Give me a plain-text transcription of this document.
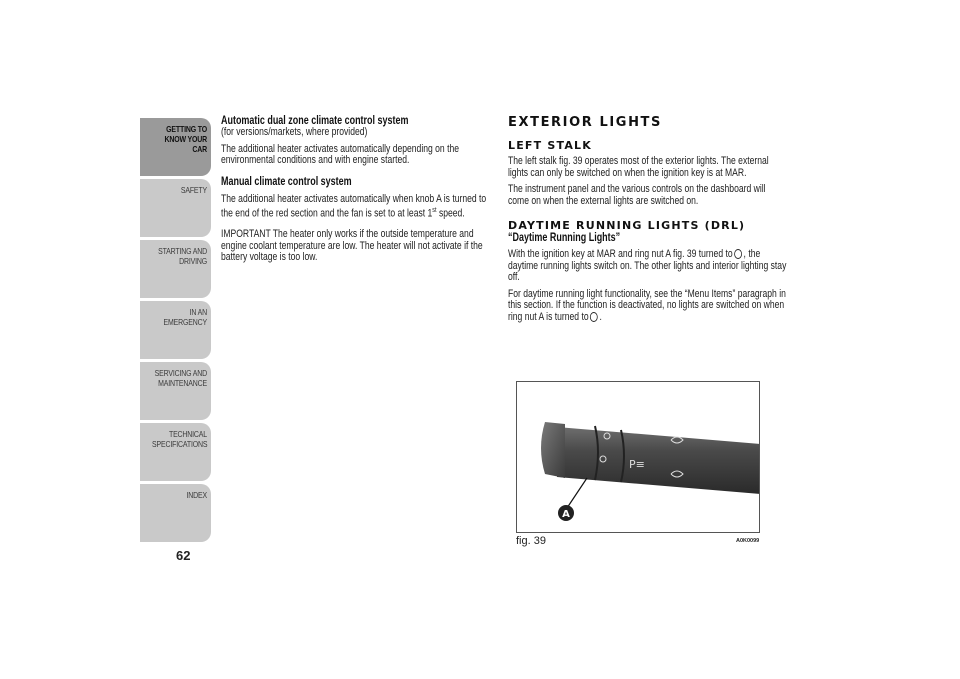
GETTING TO
KNOW YOUR CAR
SAFETY
STARTING AND
DRIVING
IN AN EMERGENCY
SERVICING AND
MAINTENANCE
TECHNICAL
SPECIFICATIONS
INDEX
62
Automatic dual zone climate control system

(for versions/markets, where provided)

The additional heater activates automatically depending on the environmental conditions and with engine started.

Manual climate control system

The additional heater activates automatically when knob A is turned to the end of the red section and the fan is set to at least 1st speed.

IMPORTANT The heater only works if the outside temperature and engine coolant temperature are low. The heater will not activate if the battery voltage is too low.

EXTERIOR LIGHTS
LEFT STALK

The left stalk fig. 39 operates most of the exterior lights. The external lights can only be switched on when the ignition key is at MAR.

The instrument panel and the various controls on the dashboard will come on when the external lights are switched on.

DAYTIME RUNNING LIGHTS (DRL)
“Daytime Running Lights”

With the ignition key at MAR and ring nut A fig. 39 turned to , the daytime running lights switch on. The other lights and interior lighting stay off.

For daytime running light functionality, see the “Menu Items” paragraph in this section. If the function is deactivated, no lights are switched on when ring nut A is turned to .

P≡
A
fig. 39	A0K0099
